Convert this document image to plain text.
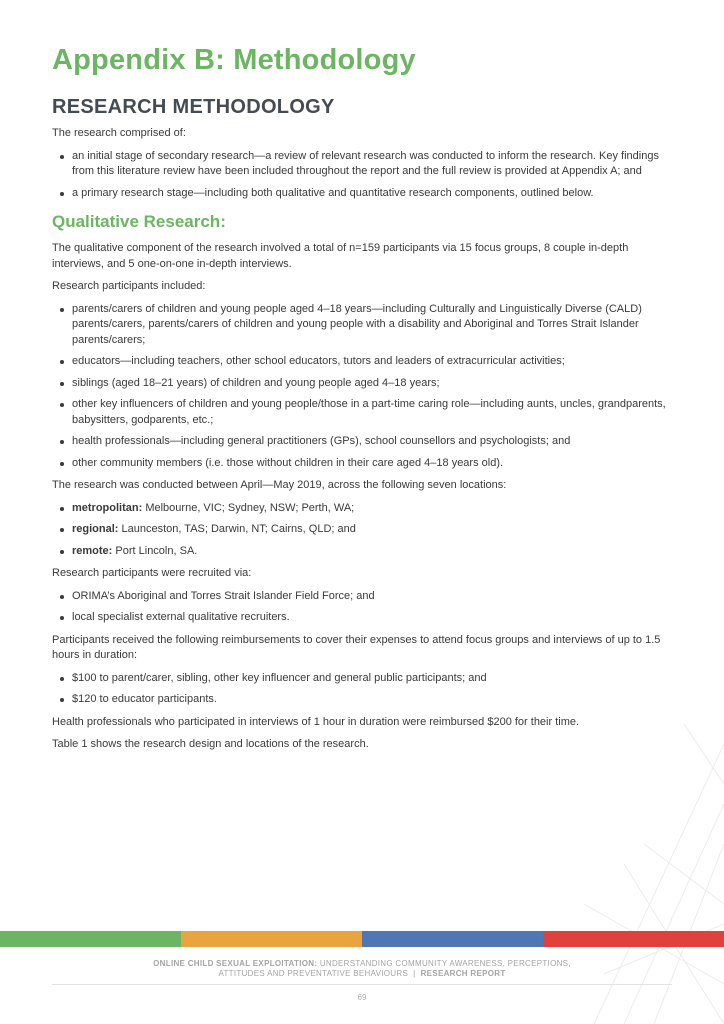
Appendix B: Methodology
RESEARCH METHODOLOGY

The research comprised of:

an initial stage of secondary research—a review of relevant research was conducted to inform the research. Key findings from this literature review have been included throughout the report and the full review is provided at Appendix A; and
a primary research stage—including both qualitative and quantitative research components, outlined below.
Qualitative Research:

The qualitative component of the research involved a total of n=159 participants via 15 focus groups, 8 couple in-depth interviews, and 5 one-on-one in-depth interviews.

Research participants included:

parents/carers of children and young people aged 4–18 years—including Culturally and Linguistically Diverse (CALD) parents/carers, parents/carers of children and young people with a disability and Aboriginal and Torres Strait Islander parents/carers;
educators—including teachers, other school educators, tutors and leaders of extracurricular activities;
siblings (aged 18–21 years) of children and young people aged 4–18 years;
other key influencers of children and young people/those in a part-time caring role—including aunts, uncles, grandparents, babysitters, godparents, etc.;
health professionals—including general practitioners (GPs), school counsellors and psychologists; and
other community members (i.e. those without children in their care aged 4–18 years old).

The research was conducted between April—May 2019, across the following seven locations:

metropolitan: Melbourne, VIC; Sydney, NSW; Perth, WA;
regional: Launceston, TAS; Darwin, NT; Cairns, QLD; and
remote: Port Lincoln, SA.

Research participants were recruited via:

ORIMA’s Aboriginal and Torres Strait Islander Field Force; and
local specialist external qualitative recruiters.

Participants received the following reimbursements to cover their expenses to attend focus groups and interviews of up to 1.5 hours in duration:

$100 to parent/carer, sibling, other key influencer and general public participants; and
$120 to educator participants.

Health professionals who participated in interviews of 1 hour in duration were reimbursed $200 for their time.

Table 1 shows the research design and locations of the research.

ONLINE CHILD SEXUAL EXPLOITATION: UNDERSTANDING COMMUNITY AWARENESS, PERCEPTIONS,
ATTITUDES AND PREVENTATIVE BEHAVIOURS | RESEARCH REPORT
69
